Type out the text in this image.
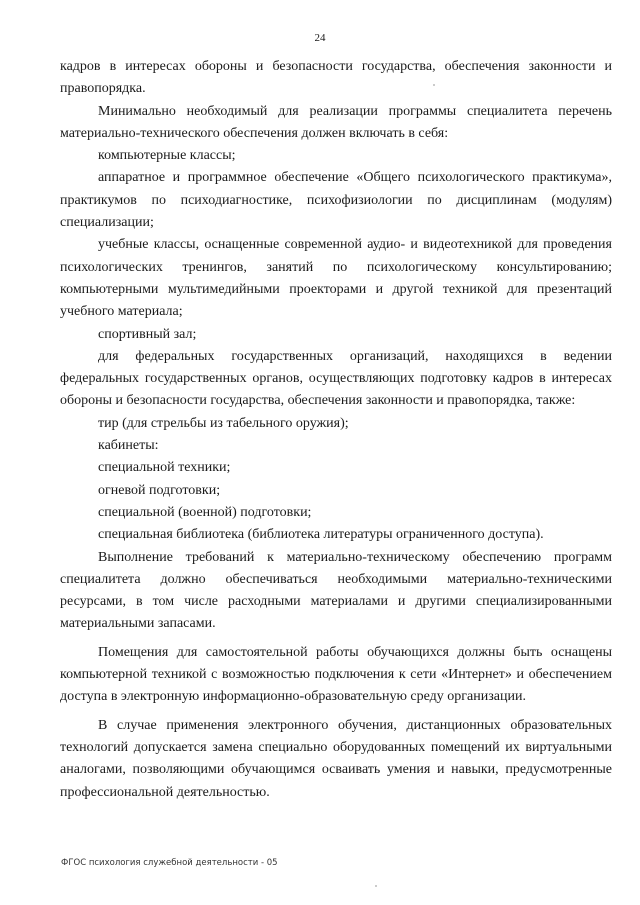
24

кадров в интересах обороны и безопасности государства, обеспечения законности и правопорядка.

Минимально необходимый для реализации программы специалитета перечень материально-технического обеспечения должен включать в себя:

компьютерные классы;

аппаратное и программное обеспечение «Общего психологического практикума», практикумов по психодиагностике, психофизиологии по дисциплинам (модулям) специализации;

учебные классы, оснащенные современной аудио- и видеотехникой для проведения психологических тренингов, занятий по психологическому консультированию; компьютерными мультимедийными проекторами и другой техникой для презентаций учебного материала;

спортивный зал;

для федеральных государственных организаций, находящихся в ведении федеральных государственных органов, осуществляющих подготовку кадров в интересах обороны и безопасности государства, обеспечения законности и правопорядка, также:

тир (для стрельбы из табельного оружия);

кабинеты:

специальной техники;

огневой подготовки;

специальной (военной) подготовки;

специальная библиотека (библиотека литературы ограниченного доступа).

Выполнение требований к материально-техническому обеспечению программ специалитета должно обеспечиваться необходимыми материально-техническими ресурсами, в том числе расходными материалами и другими специализированными материальными запасами.

Помещения для самостоятельной работы обучающихся должны быть оснащены компьютерной техникой с возможностью подключения к сети «Интернет» и обеспечением доступа в электронную информационно-образовательную среду организации.

В случае применения электронного обучения, дистанционных образовательных технологий допускается замена специально оборудованных помещений их виртуальными аналогами, позволяющими обучающимся осваивать умения и навыки, предусмотренные профессиональной деятельностью.

ФГОС психология служебной деятельности - 05
